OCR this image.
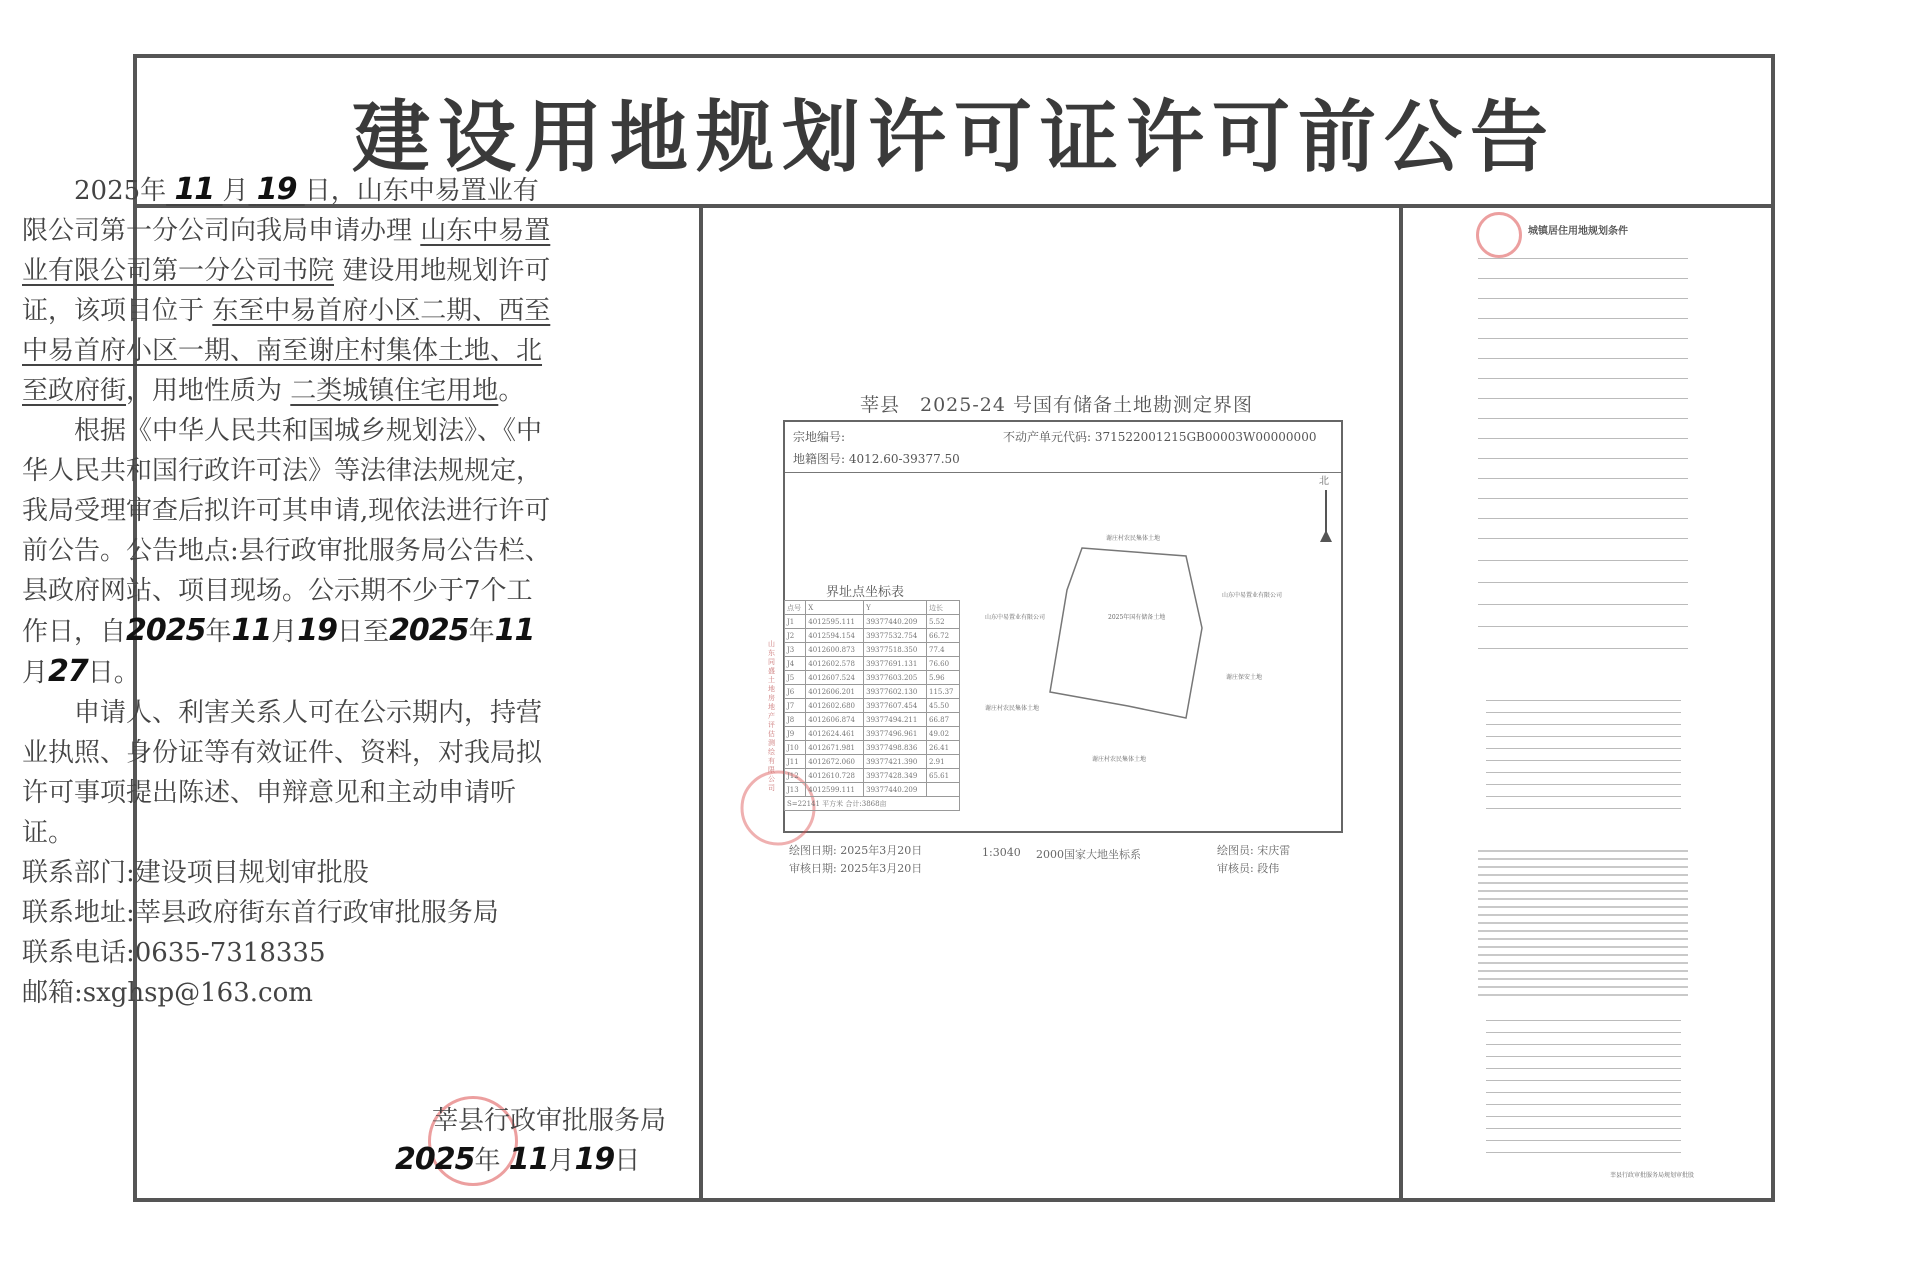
建设用地规划许可证许可前公告

2025年 11 月 19 日，山东中易置业有限公司第一分公司向我局申请办理 山东中易置业有限公司第一分公司书院 建设用地规划许可证，该项目位于 东至中易首府小区二期、西至中易首府小区一期、南至谢庄村集体土地、北至政府街，用地性质为 二类城镇住宅用地。

根据《中华人民共和国城乡规划法》、《中华人民共和国行政许可法》等法律法规规定，我局受理审查后拟许可其申请,现依法进行许可前公告。公告地点:县行政审批服务局公告栏、县政府网站、项目现场。公示期不少于7个工作日，自2025年11月19日至2025年11月27日。

申请人、利害关系人可在公示期内，持营业执照、身份证等有效证件、资料，对我局拟许可事项提出陈述、申辩意见和主动申请听证。

联系部门:建设项目规划审批股

联系地址:莘县政府街东首行政审批服务局

联系电话:0635-7318335

邮箱:sxghsp@163.com

莘县行政审批服务局
2025年 11月19日
莘县　2025-24 号国有储备土地勘测定界图
宗地编号:	不动产单元代码: 371522001215GB00003W00000000
地籍图号: 4012.60-39377.50
北
谢庄村农民集体土地
山东中易置业有限公司
山东中易置业有限公司
谢庄保安土地
谢庄村农民集体土地
谢庄村农民集体土地
2025年国有储备土地
山东同盛土地房地产评估测绘有限公司
界址点坐标表
点号	X	Y	边长
J1	4012595.111	39377440.209	5.52
J2	4012594.154	39377532.754	66.72
J3	4012600.873	39377518.350	77.4
J4	4012602.578	39377691.131	76.60
J5	4012607.524	39377603.205	5.96
J6	4012606.201	39377602.130	115.37
J7	4012602.680	39377607.454	45.50
J8	4012606.874	39377494.211	66.87
J9	4012624.461	39377496.961	49.02
J10	4012671.981	39377498.836	26.41
J11	4012672.060	39377421.390	2.91
J12	4012610.728	39377428.349	65.61
J13	4012599.111	39377440.209	
S=22141 平方米 合计:3868亩			
绘图日期: 2025年3月20日
审核日期: 2025年3月20日
1:3040 2000国家大地坐标系	绘图员: 宋庆雷
审核员: 段伟
城镇居住用地规划条件
莘县行政审批服务局规划审批股
